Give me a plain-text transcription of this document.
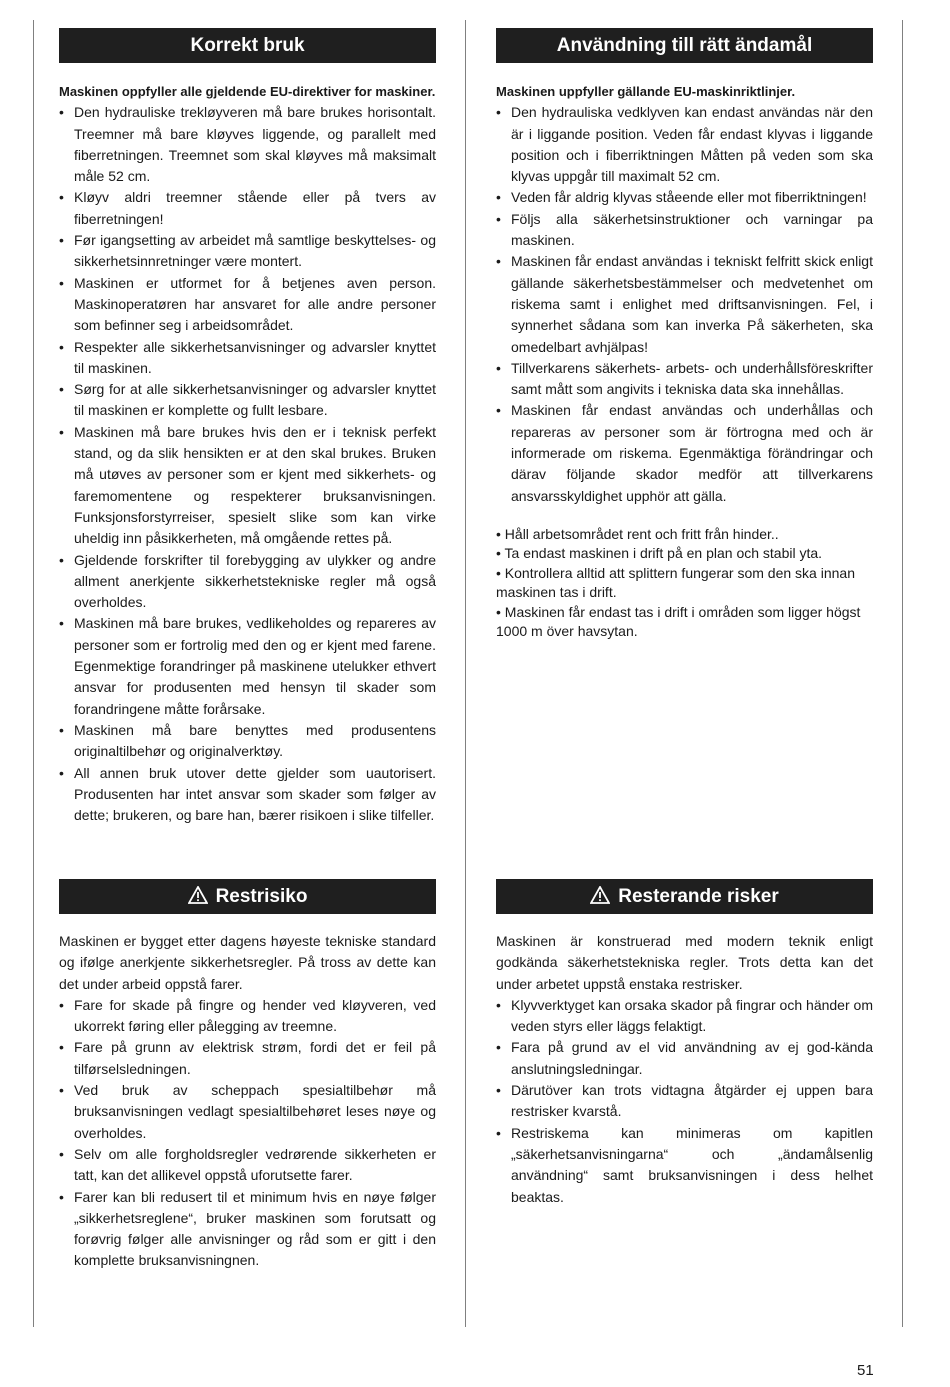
Korrekt bruk

Maskinen oppfyller alle gjeldende EU-direktiver for maskiner.

• Den hydrauliske trekløyveren må bare brukes horisontalt. Treemner må bare kløyves liggende, og parallelt med fiberretningen. Treemnet som skal kløyves må maksimalt måle 52 cm.
• Kløyv aldri treemner stående eller på tvers av fiberretningen!
• Før igangsetting av arbeidet må samtlige beskyttelses- og sikkerhetsinnretninger være montert.
• Maskinen er utformet for å betjenes aven person. Maskinoperatøren har ansvaret for alle andre personer som befinner seg i arbeidsområdet.
• Respekter alle sikkerhetsanvisninger og advarsler knyttet til maskinen.
• Sørg for at alle sikkerhetsanvisninger og advarsler knyttet til maskinen er komplette og fullt lesbare.
• Maskinen må bare brukes hvis den er i teknisk perfekt stand, og da slik hensikten er at den skal brukes. Bruken må utøves av personer som er kjent med sikkerhets- og faremomentene og respekterer bruksanvisningen. Funksjonsforstyrreiser, spesielt slike som kan virke uheldig inn påsikkerheten, må omgående rettes på.
• Gjeldende forskrifter til forebygging av ulykker og andre allment anerkjente sikkerhetstekniske regler må også overholdes.
• Maskinen må bare brukes, vedlikeholdes og repareres av personer som er fortrolig med den og er kjent med farene. Egenmektige forandringer på maskinene utelukker ethvert ansvar for produsenten med hensyn til skader som forandringene måtte forårsake.
• Maskinen må bare benyttes med produsentens originaltilbehør og originalverktøy.
• All annen bruk utover dette gjelder som uautorisert. Produsenten har intet ansvar som skader som følger av dette; brukeren, og bare han, bærer risikoen i slike tilfeller.
Restrisiko

Maskinen er bygget etter dagens høyeste tekniske standard og ifølge anerkjente sikkerhetsregler. På tross av dette kan det under arbeid oppstå farer.

• Fare for skade på fingre og hender ved kløyveren, ved ukorrekt føring eller pålegging av treemne.
• Fare på grunn av elektrisk strøm, fordi det er feil på tilførselsledningen.
• Ved bruk av scheppach spesialtilbehør må bruksanvisningen vedlagt spesialtilbehøret leses nøye og overholdes.
• Selv om alle forgholdsregler vedrørende sikkerheten er tatt, kan det allikevel oppstå uforutsette farer.
• Farer kan bli redusert til et minimum hvis en nøye følger „sikkerhetsreglene“, bruker maskinen som forutsatt og forøvrig følger alle anvisninger og råd som er gitt i den komplette bruksanvisningnen.
Användning till rätt ändamål

Maskinen uppfyller gällande EU-maskinriktlinjer.

• Den hydrauliska vedklyven kan endast användas när den är i liggande position. Veden får endast klyvas i liggande position och i fiberriktningen Måtten på veden som ska klyvas uppgår till maximalt 52 cm.
• Veden får aldrig klyvas ståeende eller mot fiberriktningen!
• Följs alla säkerhetsinstruktioner och varningar pa maskinen.
• Maskinen får endast användas i tekniskt felfritt skick enligt gällande säkerhetsbestämmelser och medvetenhet om riskema samt i enlighet med driftsanvisningen. Fel, i synnerhet sådana som kan inverka På säkerheten, ska omedelbart avhjälpas!
• Tillverkarens säkerhets- arbets- och underhållsföreskrifter samt mått som angivits i tekniska data ska innehållas.
• Maskinen får endast användas och underhållas och repareras av personer som är förtrogna med och är informerade om riskema. Egenmäktiga förändringar och därav följande skador medför att tillverkarens ansvarsskyldighet upphör att gälla.
• Håll arbetsområdet rent och fritt från hinder..
• Ta endast maskinen i drift på en plan och stabil yta.
• Kontrollera alltid att splittern fungerar som den ska innan maskinen tas i drift.
• Maskinen får endast tas i drift i områden som ligger högst 1000 m över havsytan.
Resterande risker

Maskinen är konstruerad med modern teknik enligt godkända säkerhetstekniska regler. Trots detta kan det under arbetet uppstå enstaka restrisker.

• Klyvverktyget kan orsaka skador på fingrar och händer om veden styrs eller läggs felaktigt.
• Fara på grund av el vid användning av ej god-kända anslutningsledningar.
• Därutöver kan trots vidtagna åtgärder ej uppen bara restrisker kvarstå.
• Restriskema kan minimeras om kapitlen „säkerhetsanvisningarna“ och „ändamålsenlig användning“ samt bruksanvisningen i dess helhet beaktas.
51
